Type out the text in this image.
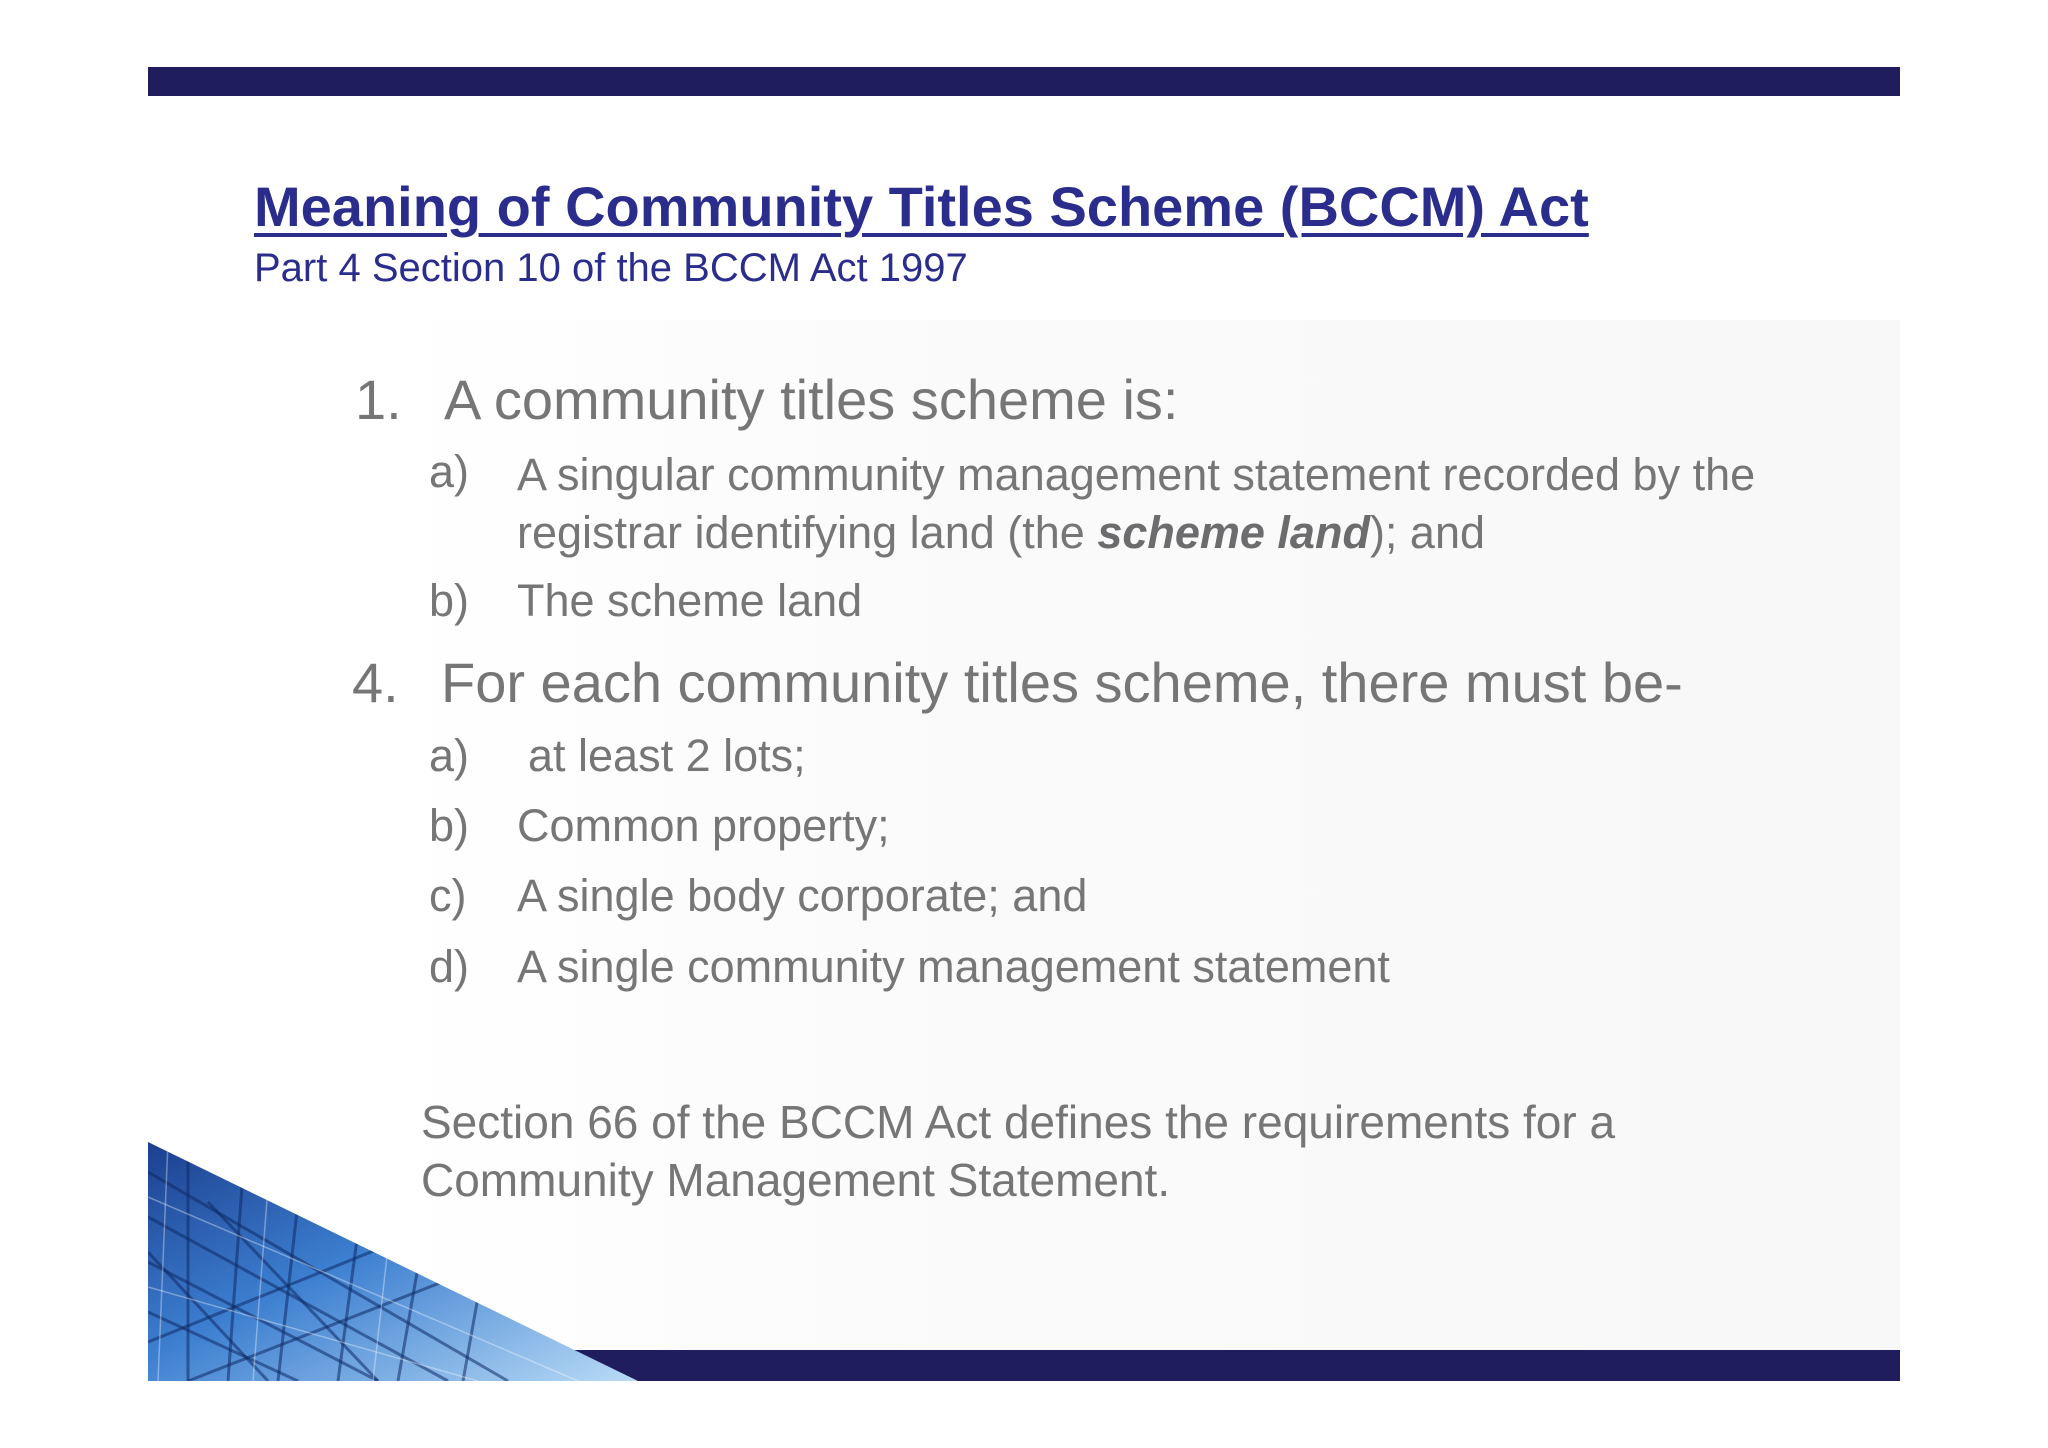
Meaning of Community Titles Scheme (BCCM) Act

Part 4 Section 10 of the BCCM Act 1997

1. A community titles scheme is:
a) A singular community management statement recorded by the registrar identifying land (the scheme land); and
b) The scheme land
4. For each community titles scheme, there must be-
a) at least 2 lots;
b) Common property;
c) A single body corporate; and
d) A single community management statement

Section 66 of the BCCM Act defines the requirements for a Community Management Statement.
